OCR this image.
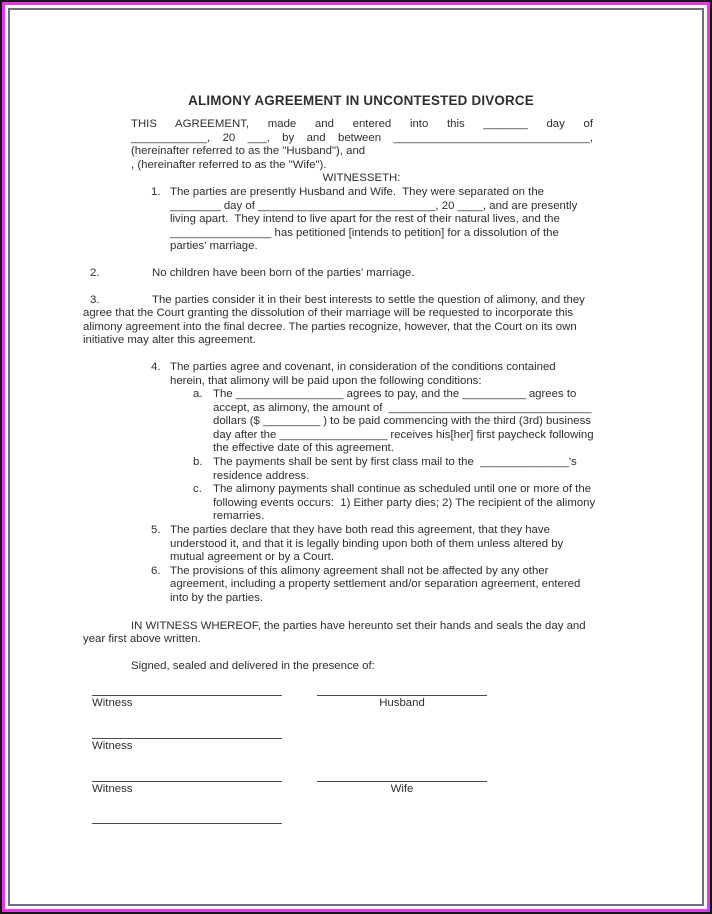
ALIMONY AGREEMENT IN UNCONTESTED DIVORCE
THIS AGREEMENT, made and entered into this _______ day of
____________, 20 ___, by and between _______________________________,
(hereinafter referred to as the "Husband"), and
, (hereinafter referred to as the "Wife").
WITNESSETH:
1. The parties are presently Husband and Wife.  They were separated on the ________ day of ____________________________, 20 ____, and are presently living apart.  They intend to live apart for the rest of their natural lives, and the ________________ has petitioned [intends to petition] for a dissolution of the parties' marriage.
2.	No children have been born of the parties' marriage.
3.	The parties consider it in their best interests to settle the question of alimony, and they agree that the Court granting the dissolution of their marriage will be requested to incorporate this alimony agreement into the final decree. The parties recognize, however, that the Court on its own initiative may alter this agreement.
4. The parties agree and covenant, in consideration of the conditions contained herein, that alimony will be paid upon the following conditions:
a. The _________________ agrees to pay, and the __________ agrees to accept, as alimony, the amount of  ________________________________ dollars ($ _________ ) to be paid commencing with the third (3rd) business day after the _________________ receives his[her] first paycheck following the effective date of this agreement.
b. The payments shall be sent by first class mail to the  ______________'s residence address.
c. The alimony payments shall continue as scheduled until one or more of the following events occurs:  1) Either party dies; 2) The recipient of the alimony remarries.
5. The parties declare that they have both read this agreement, that they have understood it, and that it is legally binding upon both of them unless altered by mutual agreement or by a Court.
6. The provisions of this alimony agreement shall not be affected by any other agreement, including a property settlement and/or separation agreement, entered into by the parties.
IN WITNESS WHEREOF, the parties have hereunto set their hands and seals the day and year first above written.
Signed, sealed and delivered in the presence of:
Witness	Husband
Witness
Witness	Wife
